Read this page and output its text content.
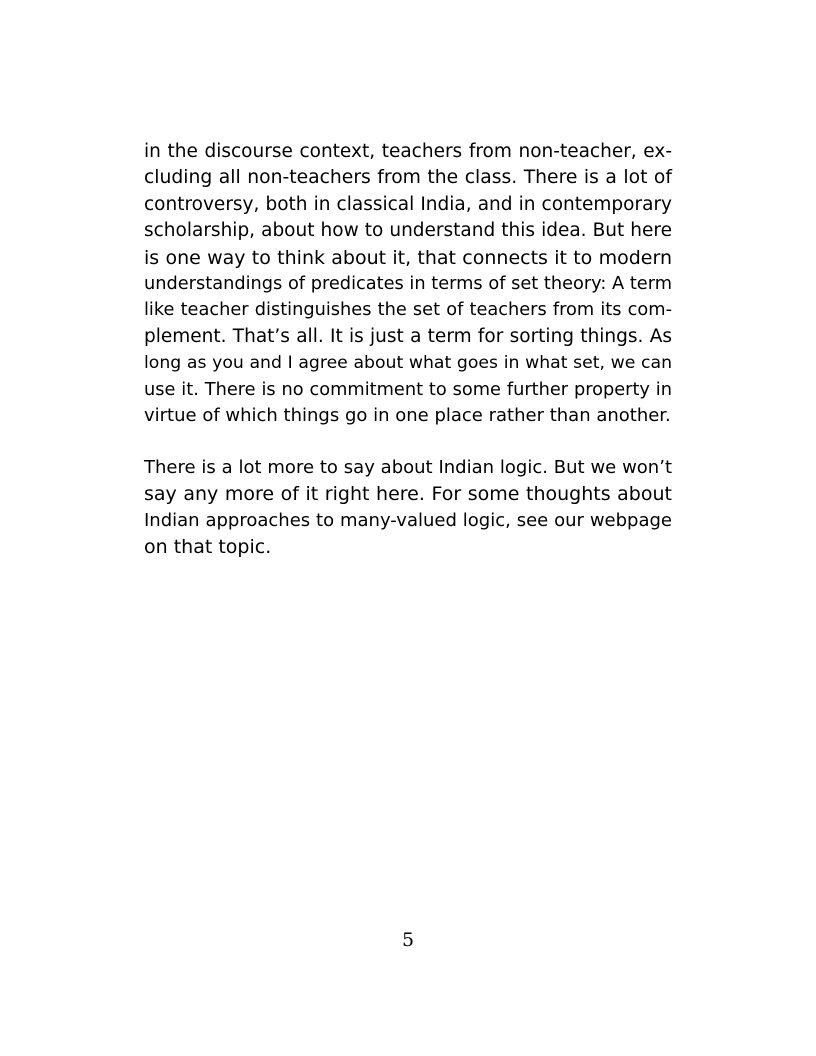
in the discourse context, teachers from non-teacher, ex-
cluding all non-teachers from the class. There is a lot of
controversy, both in classical India, and in contemporary
scholarship, about how to understand this idea. But here
is one way to think about it, that connects it to modern
understandings of predicates in terms of set theory: A term
like teacher distinguishes the set of teachers from its com-
plement. That’s all. It is just a term for sorting things. As
long as you and I agree about what goes in what set, we can
use it. There is no commitment to some further property in
virtue of which things go in one place rather than another.
There is a lot more to say about Indian logic. But we won’t
say any more of it right here. For some thoughts about
Indian approaches to many-valued logic, see our webpage
on that topic.
5
